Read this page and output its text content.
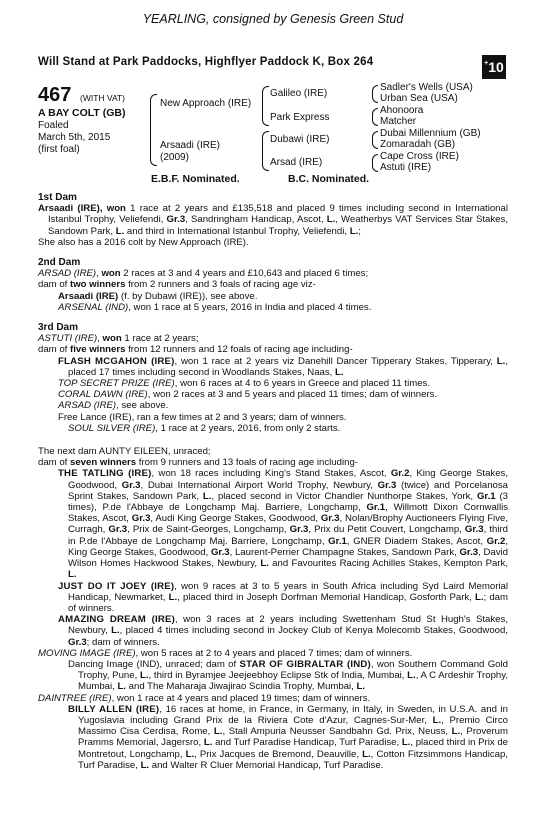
YEARLING, consigned by Genesis Green Stud
Will Stand at Park Paddocks, Highflyer Paddock K, Box 264	+ 10
467 (WITH VAT)
A BAY COLT (GB)
Foaled
March 5th, 2015
(first foal)
New Approach (IRE)
Arsaadi (IRE)
(2009)
Galileo (IRE)
Park Express
Dubawi (IRE)
Arsad (IRE)
Sadler's Wells (USA)
Urban Sea (USA)
Ahonoora
Matcher
Dubai Millennium (GB)
Zomaradah (GB)
Cape Cross (IRE)
Astuti (IRE)
E.B.F. Nominated.	B.C. Nominated.
1st Dam

Arsaadi (IRE), won 1 race at 2 years and £135,518 and placed 9 times including second in International Istanbul Trophy, Veliefendi, Gr.3, Sandringham Handicap, Ascot, L., Weatherbys VAT Services Star Stakes, Sandown Park, L. and third in International Istanbul Trophy, Veliefendi, L.;

She also has a 2016 colt by New Approach (IRE).

2nd Dam

ARSAD (IRE), won 2 races at 3 and 4 years and £10,643 and placed 6 times;

dam of two winners from 2 runners and 3 foals of racing age viz-

Arsaadi (IRE) (f. by Dubawi (IRE)), see above.

ARSENAL (IND), won 1 race at 5 years, 2016 in India and placed 4 times.

3rd Dam

ASTUTI (IRE), won 1 race at 2 years;

dam of five winners from 12 runners and 12 foals of racing age including-

FLASH MCGAHON (IRE), won 1 race at 2 years viz Danehill Dancer Tipperary Stakes, Tipperary, L., placed 17 times including second in Woodlands Stakes, Naas, L.

TOP SECRET PRIZE (IRE), won 6 races at 4 to 6 years in Greece and placed 11 times.

CORAL DAWN (IRE), won 2 races at 3 and 5 years and placed 11 times; dam of winners.

ARSAD (IRE), see above.

Free Lance (IRE), ran a few times at 2 and 3 years; dam of winners.

SOUL SILVER (IRE), 1 race at 2 years, 2016, from only 2 starts.

The next dam AUNTY EILEEN, unraced;

dam of seven winners from 9 runners and 13 foals of racing age including-

THE TATLING (IRE), won 18 races including King's Stand Stakes, Ascot, Gr.2, King George Stakes, Goodwood, Gr.3, Dubai International Airport World Trophy, Newbury, Gr.3 (twice) and Porcelanosa Sprint Stakes, Sandown Park, L., placed second in Victor Chandler Nunthorpe Stakes, York, Gr.1 (3 times), P.de l'Abbaye de Longchamp Maj. Barriere, Longchamp, Gr.1, Willmott Dixon Cornwallis Stakes, Ascot, Gr.3, Audi King George Stakes, Goodwood, Gr.3, Nolan/Brophy Auctioneers Flying Five, Curragh, Gr.3, Prix de Saint-Georges, Longchamp, Gr.3, Prix du Petit Couvert, Longchamp, Gr.3, third in P.de l'Abbaye de Longchamp Maj. Barriere, Longchamp, Gr.1, GNER Diadem Stakes, Ascot, Gr.2, King George Stakes, Goodwood, Gr.3, Laurent-Perrier Champagne Stakes, Sandown Park, Gr.3, David Wilson Homes Hackwood Stakes, Newbury, L. and Favourites Racing Achilles Stakes, Kempton Park, L.

JUST DO IT JOEY (IRE), won 9 races at 3 to 5 years in South Africa including Syd Laird Memorial Handicap, Newmarket, L., placed third in Joseph Dorfman Memorial Handicap, Gosforth Park, L.; dam of winners.

AMAZING DREAM (IRE), won 3 races at 2 years including Swettenham Stud St Hugh's Stakes, Newbury, L., placed 4 times including second in Jockey Club of Kenya Molecomb Stakes, Goodwood, Gr.3; dam of winners.

MOVING IMAGE (IRE), won 5 races at 2 to 4 years and placed 7 times; dam of winners.

Dancing Image (IND), unraced; dam of STAR OF GIBRALTAR (IND), won Southern Command Gold Trophy, Pune, L., third in Byramjee Jeejeebhoy Eclipse Stk of India, Mumbai, L., A C Ardeshir Trophy, Mumbai, L. and The Maharaja Jiwajirao Scindia Trophy, Mumbai, L.

DAINTREE (IRE), won 1 race at 4 years and placed 19 times; dam of winners.

BILLY ALLEN (IRE), 16 races at home, in France, in Germany, in Italy, in Sweden, in U.S.A. and in Yugoslavia including Grand Prix de la Riviera Cote d'Azur, Cagnes-Sur-Mer, L., Premio Circo Massimo Cisa Cerdisa, Rome, L., Stall Ampuria Neusser Sandbahn Gd. Prix, Neuss, L., Proverum Pramms Memorial, Jagersro, L. and Turf Paradise Handicap, Turf Paradise, L., placed third in Prix de Montretout, Longchamp, L., Prix Jacques de Bremond, Deauville, L., Cotton Fitzsimmons Handicap, Turf Paradise, L. and Walter R Cluer Memorial Handicap, Turf Paradise.
